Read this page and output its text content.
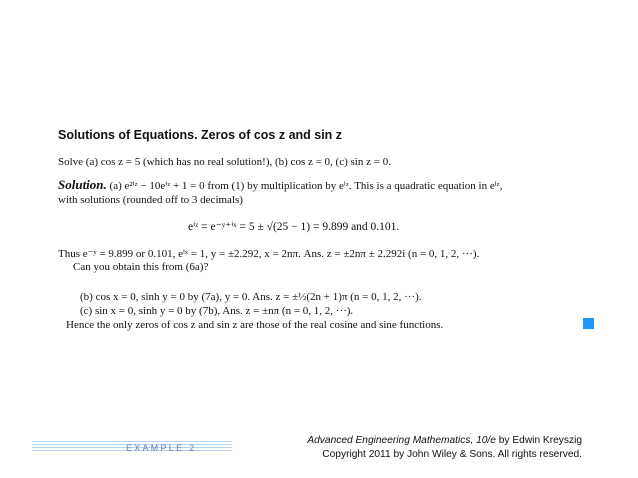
Solutions of Equations. Zeros of cos z and sin z
Solve (a) cos z = 5 (which has no real solution!), (b) cos z = 0, (c) sin z = 0.
Solution. (a) e²ⁱᶻ − 10eⁱᶻ + 1 = 0 from (1) by multiplication by eⁱᶻ. This is a quadratic equation in eⁱᶻ,
with solutions (rounded off to 3 decimals)
eⁱᶻ = e⁻ʸ⁺ⁱˣ = 5 ± √(25 − 1) = 9.899 and 0.101.
Thus e⁻ʸ = 9.899 or 0.101, eⁱˣ = 1, y = ±2.292, x = 2nπ. Ans. z = ±2nπ ± 2.292i (n = 0, 1, 2, ···).
Can you obtain this from (6a)?
(b) cos x = 0, sinh y = 0 by (7a), y = 0. Ans. z = ±½(2n + 1)π (n = 0, 1, 2, ···).
(c) sin x = 0, sinh y = 0 by (7b), Ans. z = ±nπ (n = 0, 1, 2, ···).
Hence the only zeros of cos z and sin z are those of the real cosine and sine functions.
EXAMPLE 2
Advanced Engineering Mathematics, 10/e by Edwin Kreyszig
Copyright 2011 by John Wiley & Sons. All rights reserved.
